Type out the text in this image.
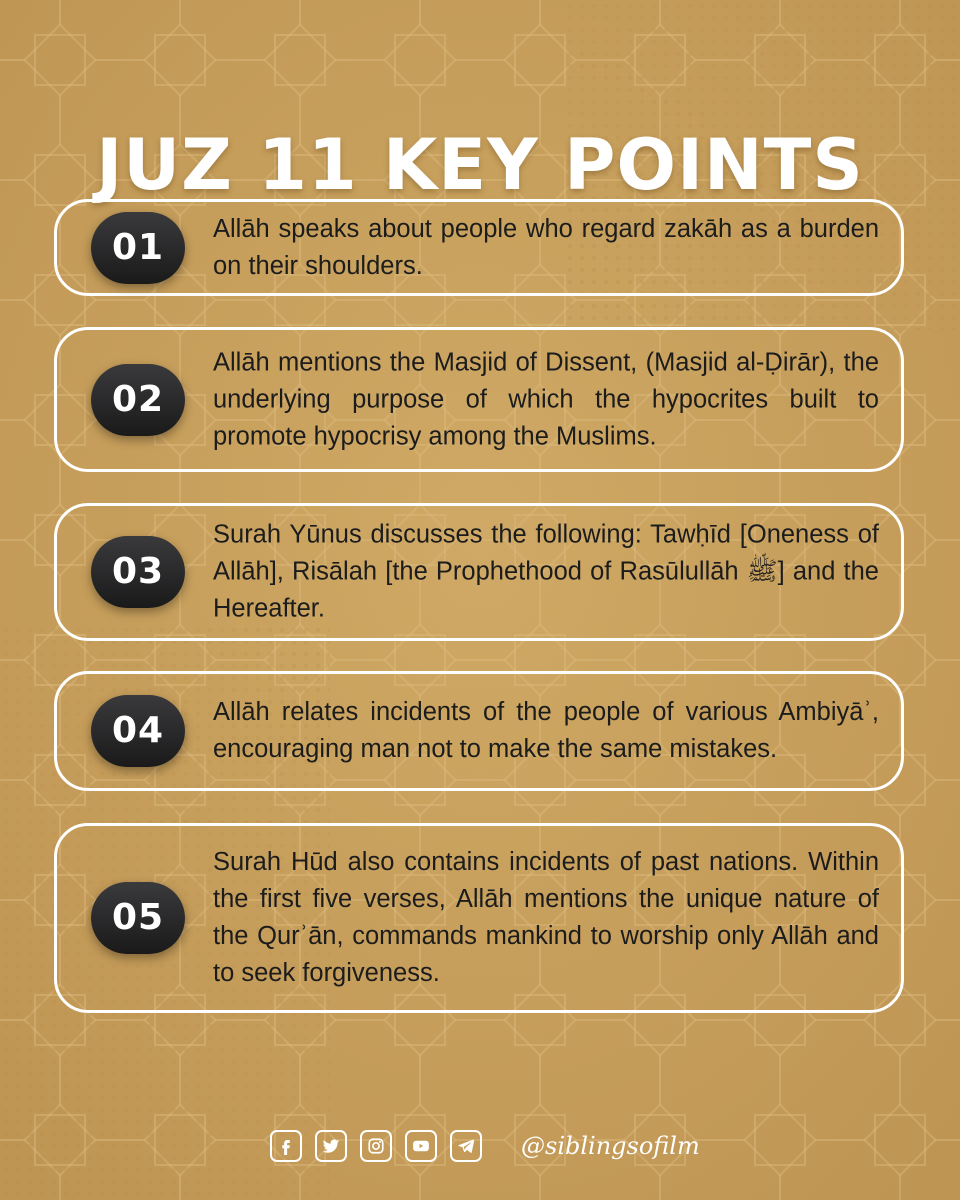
JUZ 11 KEY POINTS
01	Allāh speaks about people who regard zakāh as a burden on their shoulders.

02

Allāh mentions the Masjid of Dissent, (Masjid al-Ḍirār), the underlying purpose of which the hypocrites built to promote hypocrisy among the Muslims.

03

Surah Yūnus discusses the following: Tawḥīd [Oneness of Allāh], Risālah [the Prophethood of Rasūlullāh ﷺ] and the Hereafter.

04	Allāh relates incidents of the people of various Ambiyāʾ, encouraging man not to make the same mistakes.

05

Surah Hūd also contains incidents of past nations. Within the first five verses, Allāh mentions the unique nature of the Qurʾān, commands mankind to worship only Allāh and to seek forgiveness.

@siblingsofilm
